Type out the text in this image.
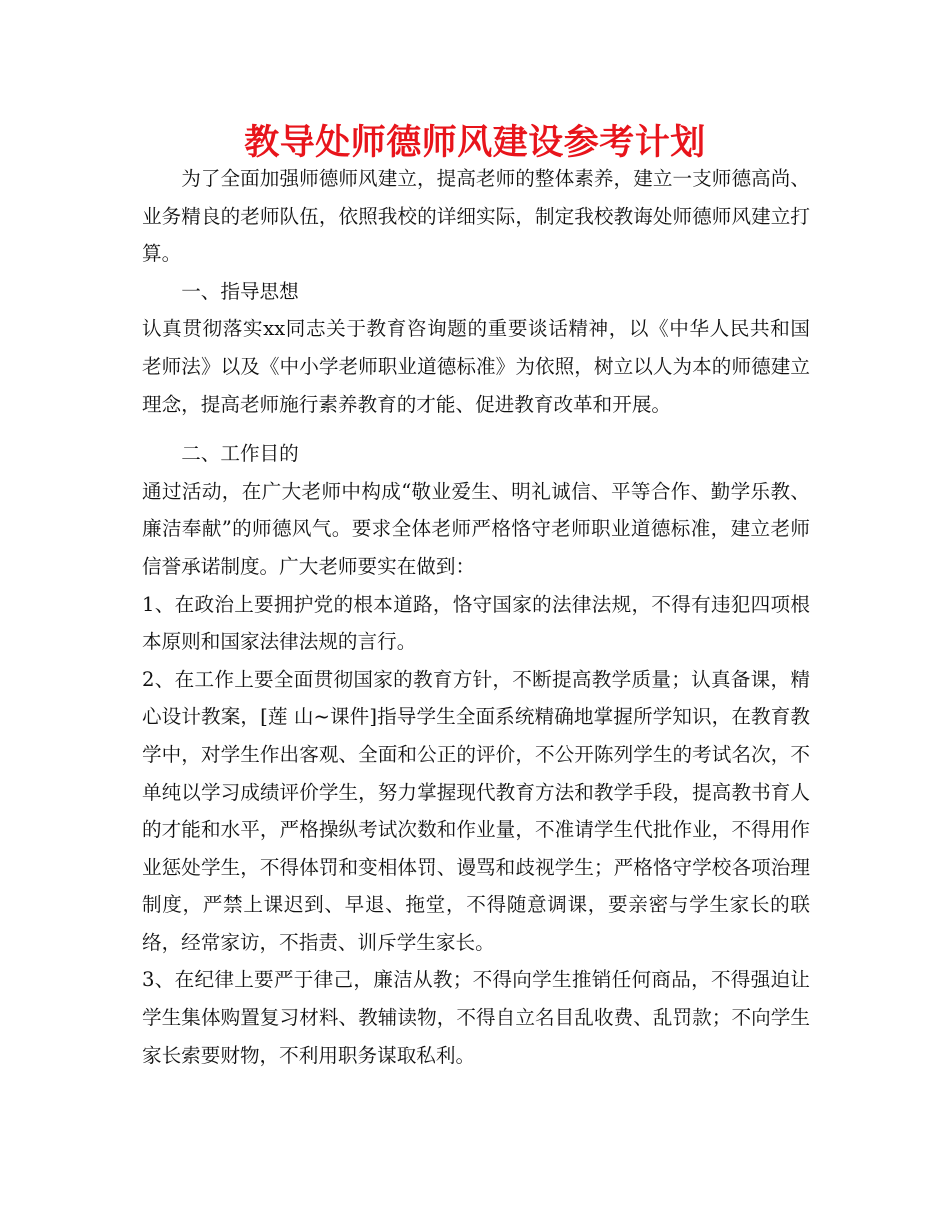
教导处师德师风建设参考计划

为了全面加强师德师风建立，提高老师的整体素养，建立一支师德高尚、业务精良的老师队伍，依照我校的详细实际，制定我校教诲处师德师风建立打算。

一、指导思想

认真贯彻落实xx同志关于教育咨询题的重要谈话精神，以《中华人民共和国老师法》以及《中小学老师职业道德标准》为依照，树立以人为本的师德建立理念，提高老师施行素养教育的才能、促进教育改革和开展。

二、工作目的

通过活动，在广大老师中构成“敬业爱生、明礼诚信、平等合作、勤学乐教、廉洁奉献”的师德风气。要求全体老师严格恪守老师职业道德标准，建立老师信誉承诺制度。广大老师要实在做到：

1、在政治上要拥护党的根本道路，恪守国家的法律法规，不得有违犯四项根本原则和国家法律法规的言行。

2、在工作上要全面贯彻国家的教育方针，不断提高教学质量；认真备课，精心设计教案，[莲 山~课件]指导学生全面系统精确地掌握所学知识，在教育教学中，对学生作出客观、全面和公正的评价，不公开陈列学生的考试名次，不单纯以学习成绩评价学生，努力掌握现代教育方法和教学手段，提高教书育人的才能和水平，严格操纵考试次数和作业量，不准请学生代批作业，不得用作业惩处学生，不得体罚和变相体罚、谩骂和歧视学生；严格恪守学校各项治理制度，严禁上课迟到、早退、拖堂，不得随意调课，要亲密与学生家长的联络，经常家访，不指责、训斥学生家长。

3、在纪律上要严于律己，廉洁从教；不得向学生推销任何商品，不得强迫让学生集体购置复习材料、教辅读物，不得自立名目乱收费、乱罚款；不向学生家长索要财物，不利用职务谋取私利。
